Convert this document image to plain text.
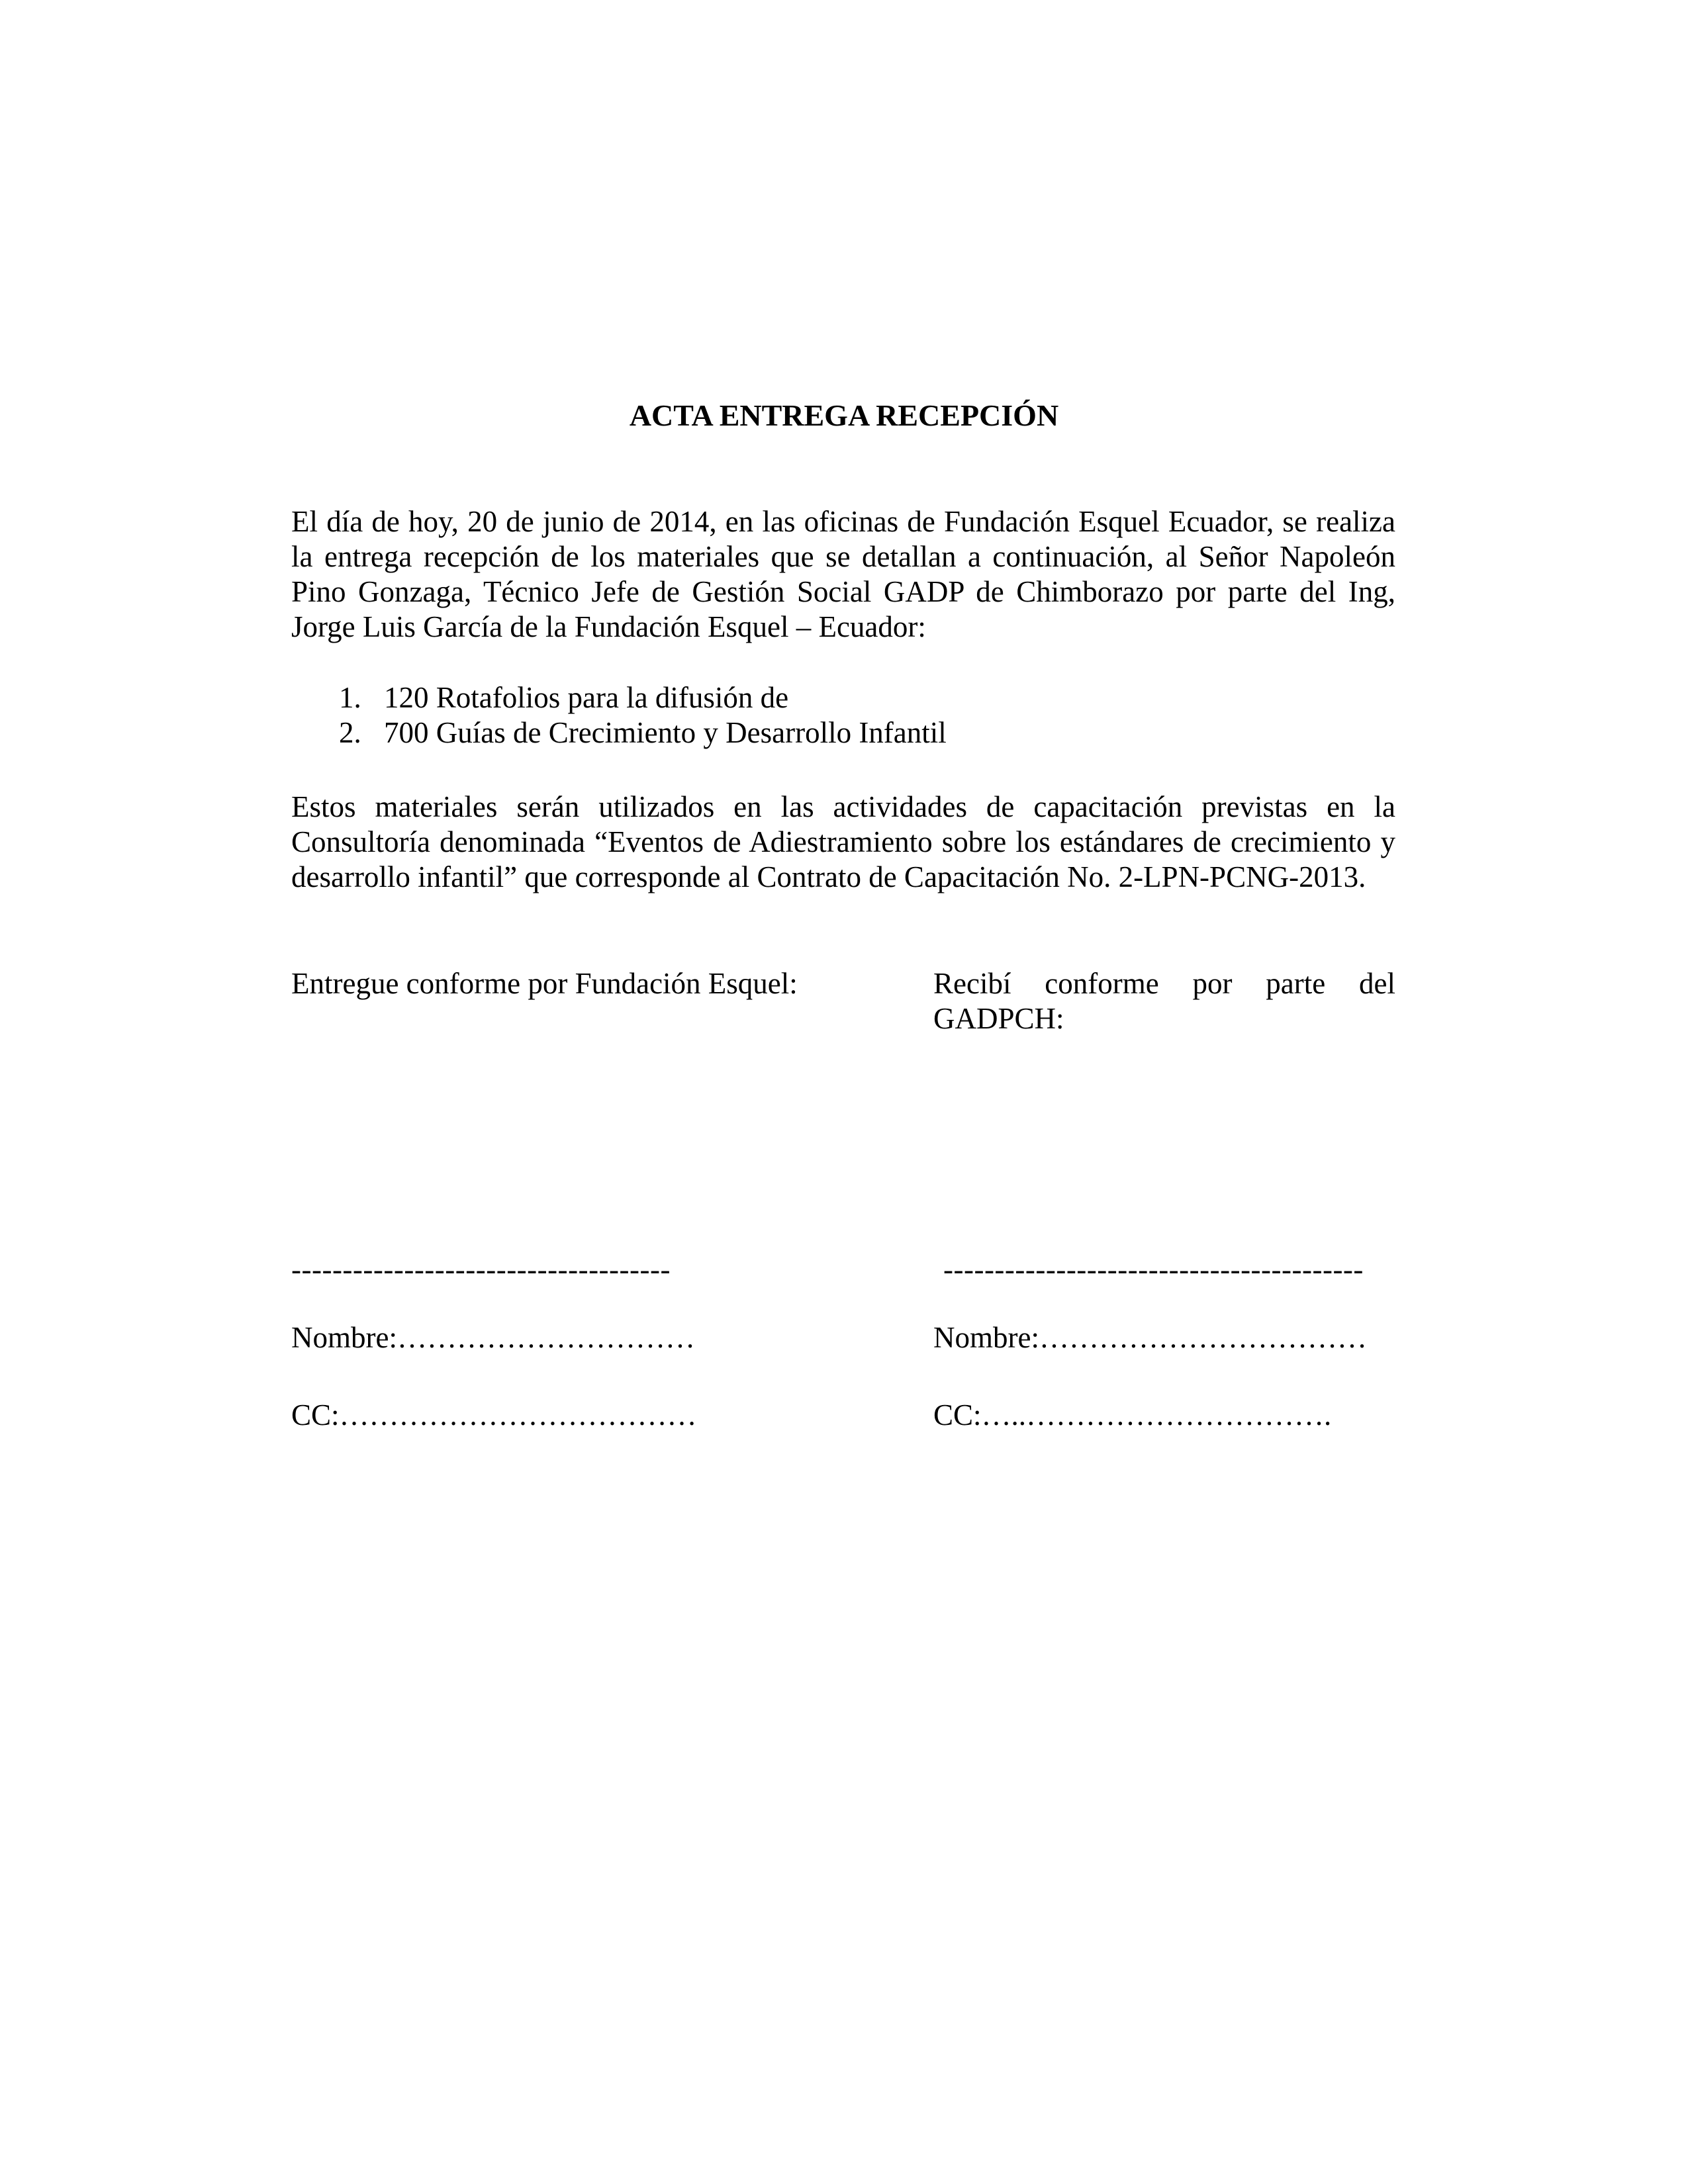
ACTA ENTREGA RECEPCIÓN

El día de hoy, 20 de junio de 2014, en las oficinas de Fundación Esquel Ecuador, se realiza la entrega recepción de los materiales que se detallan a continuación, al Señor Napoleón Pino Gonzaga, Técnico Jefe de Gestión Social GADP de Chimborazo por parte del Ing, Jorge Luis García de la Fundación Esquel – Ecuador:

1. 120 Rotafolios para la difusión de
2. 700 Guías de Crecimiento y Desarrollo Infantil

Estos materiales serán utilizados en las actividades de capacitación previstas en la Consultoría denominada “Eventos de Adiestramiento sobre los estándares de crecimiento y desarrollo infantil” que corresponde al Contrato de Capacitación No. 2-LPN-PCNG-2013.

Entregue conforme por Fundación Esquel:	Recibí conforme por parte del GADPCH:
-------------------------------------	-----------------------------------------
Nombre:…………………………	Nombre:……………………………
CC:………………………………	CC:…..………………………….
